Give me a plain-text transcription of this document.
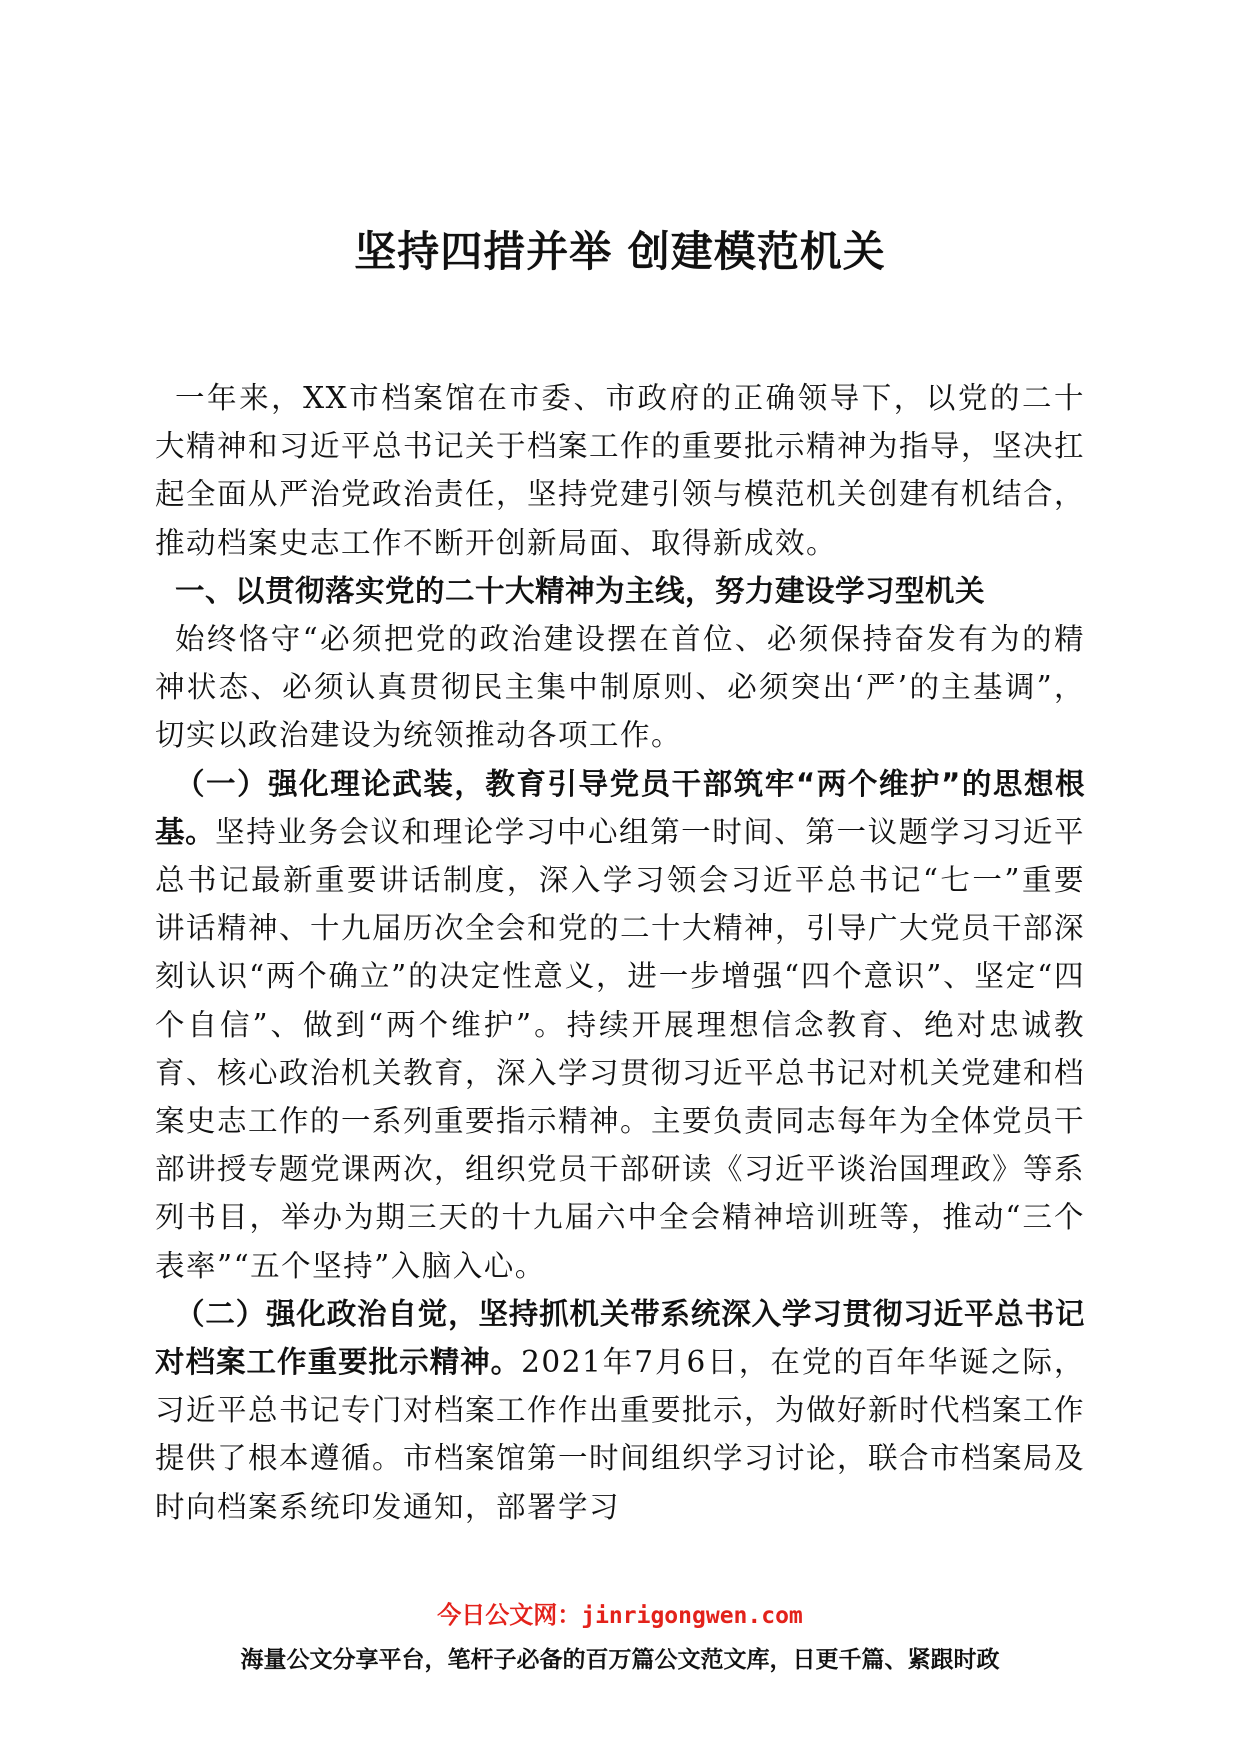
坚持四措并举 创建模范机关

一年来，XX市档案馆在市委、市政府的正确领导下，以党的二十大精神和习近平总书记关于档案工作的重要批示精神为指导，坚决扛起全面从严治党政治责任，坚持党建引领与模范机关创建有机结合，推动档案史志工作不断开创新局面、取得新成效。

一、以贯彻落实党的二十大精神为主线，努力建设学习型机关

始终恪守“必须把党的政治建设摆在首位、必须保持奋发有为的精神状态、必须认真贯彻民主集中制原则、必须突出‘严’的主基调”，切实以政治建设为统领推动各项工作。

（一）强化理论武装，教育引导党员干部筑牢“两个维护”的思想根基。坚持业务会议和理论学习中心组第一时间、第一议题学习习近平总书记最新重要讲话制度，深入学习领会习近平总书记“七一”重要讲话精神、十九届历次全会和党的二十大精神，引导广大党员干部深刻认识“两个确立”的决定性意义，进一步增强“四个意识”、坚定“四个自信”、做到“两个维护”。持续开展理想信念教育、绝对忠诚教育、核心政治机关教育，深入学习贯彻习近平总书记对机关党建和档案史志工作的一系列重要指示精神。主要负责同志每年为全体党员干部讲授专题党课两次，组织党员干部研读《习近平谈治国理政》等系列书目，举办为期三天的十九届六中全会精神培训班等，推动“三个表率”“五个坚持”入脑入心。

（二）强化政治自觉，坚持抓机关带系统深入学习贯彻习近平总书记对档案工作重要批示精神。2021年7月6日，在党的百年华诞之际，习近平总书记专门对档案工作作出重要批示，为做好新时代档案工作提供了根本遵循。市档案馆第一时间组织学习讨论，联合市档案局及时向档案系统印发通知，部署学习

今日公文网：jinrigongwen.com
海量公文分享平台，笔杆子必备的百万篇公文范文库，日更千篇、紧跟时政
